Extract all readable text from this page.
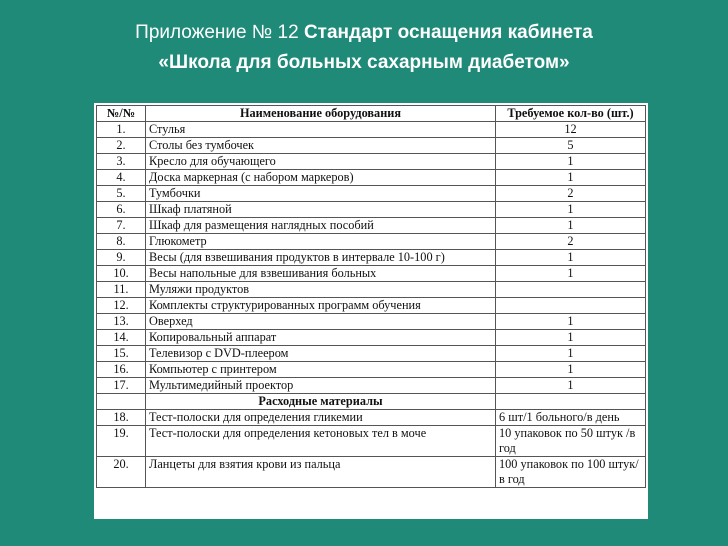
Приложение № 12 Стандарт оснащения кабинета
«Школа для больных сахарным диабетом»
№/№	Наименование оборудования	Требуемое кол-во (шт.)
1.	Стулья	12
2.	Столы без тумбочек	5
3.	Кресло для обучающего	1
4.	Доска маркерная (с набором маркеров)	1
5.	Тумбочки	2
6.	Шкаф платяной	1
7.	Шкаф для размещения наглядных пособий	1
8.	Глюкометр	2
9.	Весы (для взвешивания продуктов в интервале 10-100 г)	1
10.	Весы напольные для взвешивания больных	1
11.	Муляжи продуктов	
12.	Комплекты структурированных программ обучения	
13.	Оверхед	1
14.	Копировальный аппарат	1
15.	Телевизор с DVD-плеером	1
16.	Компьютер с принтером	1
17.	Мультимедийный проектор	1
	Расходные материалы	
18.	Тест-полоски для определения гликемии	6 шт/1 больного/в день
19.	Тест-полоски для определения кетоновых тел в моче	10 упаковок по 50 штук /в год
20.	Ланцеты для взятия крови из пальца	100 упаковок по 100 штук/в год
